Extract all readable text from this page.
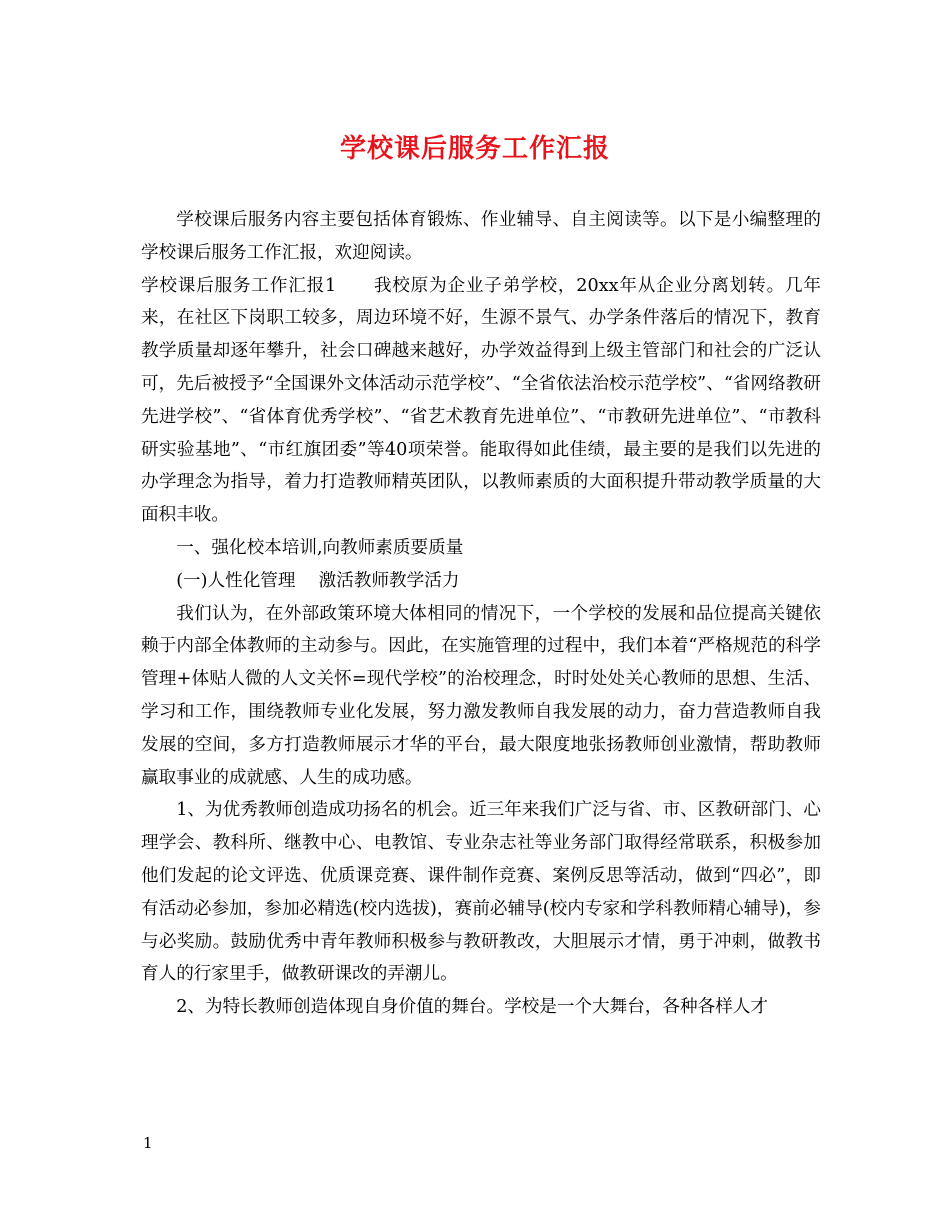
学校课后服务工作汇报

学校课后服务内容主要包括体育锻炼、作业辅导、自主阅读等。以下是小编整理的学校课后服务工作汇报，欢迎阅读。

学校课后服务工作汇报1　　我校原为企业子弟学校，20xx年从企业分离划转。几年来，在社区下岗职工较多，周边环境不好，生源不景气、办学条件落后的情况下，教育教学质量却逐年攀升，社会口碑越来越好，办学效益得到上级主管部门和社会的广泛认可，先后被授予“全国课外文体活动示范学校”、“全省依法治校示范学校”、“省网络教研先进学校”、“省体育优秀学校”、“省艺术教育先进单位”、“市教研先进单位”、“市教科研实验基地”、“市红旗团委”等40项荣誉。能取得如此佳绩，最主要的是我们以先进的办学理念为指导，着力打造教师精英团队，以教师素质的大面积提升带动教学质量的大面积丰收。

一、强化校本培训,向教师素质要质量

(一)人性化管理　 激活教师教学活力

我们认为，在外部政策环境大体相同的情况下，一个学校的发展和品位提高关键依赖于内部全体教师的主动参与。因此，在实施管理的过程中，我们本着“严格规范的科学管理+体贴人微的人文关怀=现代学校”的治校理念，时时处处关心教师的思想、生活、学习和工作，围绕教师专业化发展，努力激发教师自我发展的动力，奋力营造教师自我发展的空间，多方打造教师展示才华的平台，最大限度地张扬教师创业激情，帮助教师赢取事业的成就感、人生的成功感。

1、为优秀教师创造成功扬名的机会。近三年来我们广泛与省、市、区教研部门、心理学会、教科所、继教中心、电教馆、专业杂志社等业务部门取得经常联系，积极参加他们发起的论文评选、优质课竞赛、课件制作竞赛、案例反思等活动，做到“四必”，即有活动必参加，参加必精选(校内选拔)，赛前必辅导(校内专家和学科教师精心辅导)，参与必奖励。鼓励优秀中青年教师积极参与教研教改，大胆展示才情，勇于冲刺，做教书育人的行家里手，做教研课改的弄潮儿。

2、为特长教师创造体现自身价值的舞台。学校是一个大舞台，各种各样人才

1
